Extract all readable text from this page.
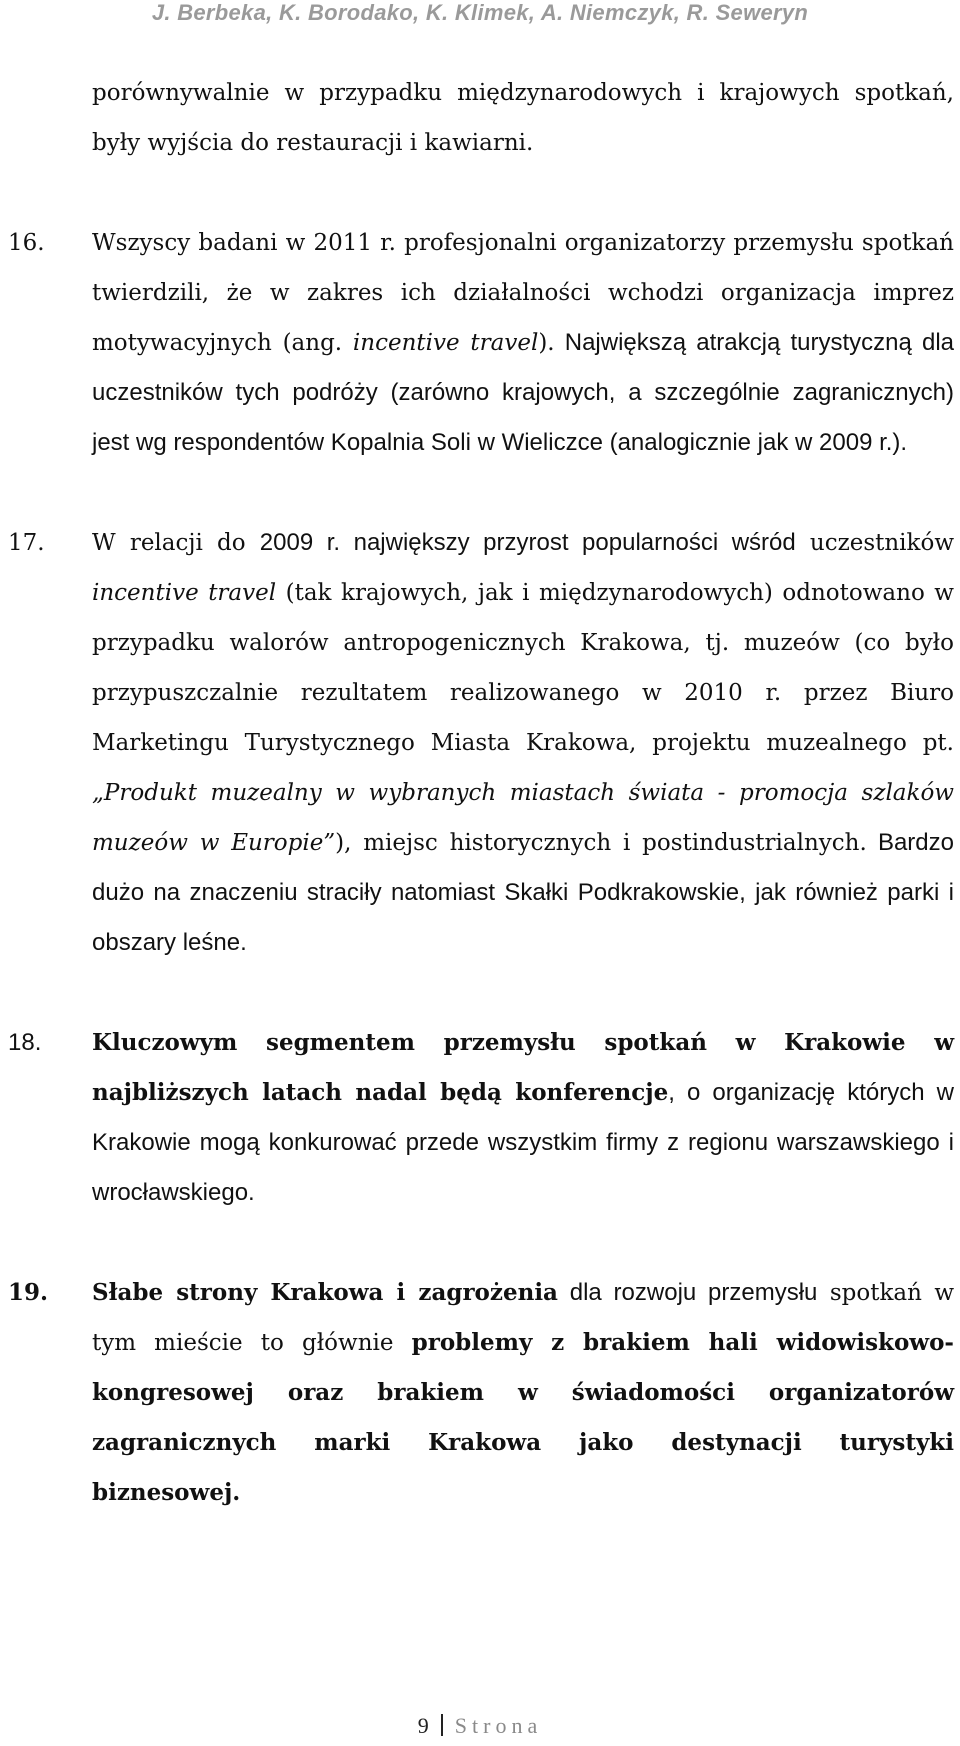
J. Berbeka, K. Borodako, K. Klimek, A. Niemczyk, R. Seweryn
porównywalnie w przypadku międzynarodowych i krajowych spotkań, były wyjścia do restauracji i kawiarni.
16.	Wszyscy badani w 2011 r. profesjonalni organizatorzy przemysłu spotkań twierdzili, że w zakres ich działalności wchodzi organizacja imprez motywacyjnych (ang. incentive travel). Największą atrakcją turystyczną dla uczestników tych podróży (zarówno krajowych, a szczególnie zagranicznych) jest wg respondentów Kopalnia Soli w Wieliczce (analogicznie jak w 2009 r.).
17.	W relacji do 2009 r. największy przyrost popularności wśród uczestników incentive travel (tak krajowych, jak i międzynarodowych) odnotowano w przypadku walorów antropogenicznych Krakowa, tj. muzeów (co było przypuszczalnie rezultatem realizowanego w 2010 r. przez Biuro Marketingu Turystycznego Miasta Krakowa, projektu muzealnego pt. „Produkt muzealny w wybranych miastach świata - promocja szlaków muzeów w Europie”), miejsc historycznych i postindustrialnych. Bardzo dużo na znaczeniu straciły natomiast Skałki Podkrakowskie, jak również parki i obszary leśne.
18.	Kluczowym segmentem przemysłu spotkań w Krakowie w najbliższych latach nadal będą konferencje, o organizację których w Krakowie mogą konkurować przede wszystkim firmy z regionu warszawskiego i wrocławskiego.
19.	Słabe strony Krakowa i zagrożenia dla rozwoju przemysłu spotkań w tym mieście to głównie problemy z brakiem hali widowiskowo-kongresowej oraz brakiem w świadomości organizatorów zagranicznych marki Krakowa jako destynacji turystyki biznesowej.
9 Strona
